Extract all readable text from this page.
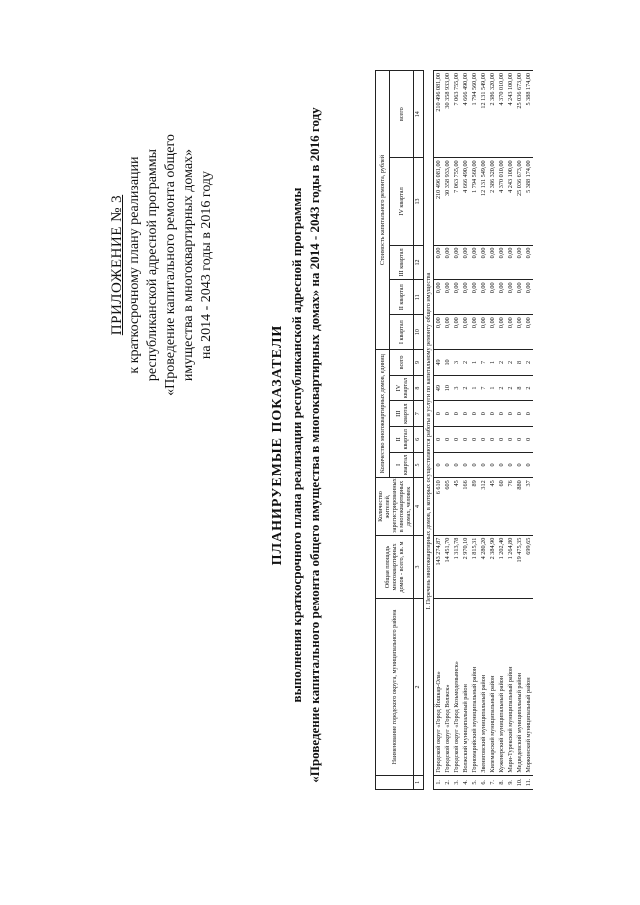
ПРИЛОЖЕНИЕ № 3 к краткосрочному плану реализации республиканской адресной программы «Проведение капитального ремонта общего имущества в многоквартирных домах» на 2014 - 2043 годы в 2016 году
ПЛАНИРУЕМЫЕ ПОКАЗАТЕЛИ выполнения краткосрочного плана реализации республиканской адресной программы «Проведение капитального ремонта общего имущества в многоквартирных домах» на 2014 - 2043 годы в 2016 году
		Наименование городского округа, муниципального района	Общая площадь многоквартирных домов - всего, кв. м	Количество жителей, зарегистрированных в многоквартирных домах, человек	Количество многоквартирных домов, единиц					Стоимость капитального ремонта, рублей				
				I квартал	II квартал	III квартал	IV квартал	всего	I квартал	II квартал	III квартал	IV квартал	всего
1	2	3	4	5	6	7	8	9	10	11	12	13	14
I. Перечень многоквартирных домов, в которых осуществляются работы и услуги по капитальному ремонту общего имущества													
1.	Городской округ «Город Йошкар-Ола»	143 274,87	6 610	0	0	0	49	49	0,00	0,00	0,00	210 496 081,00	210 496 081,00
2.	Городской округ «Город Волжск»	14 451,70	605	0	0	0	10	10	0,00	0,00	0,00	30 358 933,00	30 358 933,00
3.	Городской округ «Город Козьмодемьянск»	1 313,78	45	0	0	0	3	3	0,00	0,00	0,00	7 063 755,00	7 063 755,00
4.	Волжский муниципальный район	2 970,10	166	0	0	0	2	2	0,00	0,00	0,00	4 666 490,00	4 666 490,00
5.	Горномарийский муниципальный район	1 815,31	89	0	0	0	1	1	0,00	0,00	0,00	1 794 560,00	1 794 560,00
6.	Звениговский муниципальный район	4 280,20	312	0	0	0	7	7	0,00	0,00	0,00	12 131 549,00	12 131 549,00
7.	Килемарский муниципальный район	2 384,90	45	0	0	0	1	1	0,00	0,00	0,00	2 386 320,00	2 386 320,00
8.	Куженерский муниципальный район	1 202,40	60	0	0	0	2	2	0,00	0,00	0,00	4 370 010,00	4 370 010,00
9.	Мари-Турекский муниципальный район	1 264,80	76	0	0	0	2	2	0,00	0,00	0,00	4 243 100,00	4 243 100,00
10.	Медведевский муниципальный район	19 475,35	880	0	0	0	8	8	0,00	0,00	0,00	25 036 673,00	25 036 673,00
11.	Моркинский муниципальный район	699,65	37	0	0	0	2	2	0,00	0,00	0,00	5 388 174,00	5 388 174,00
